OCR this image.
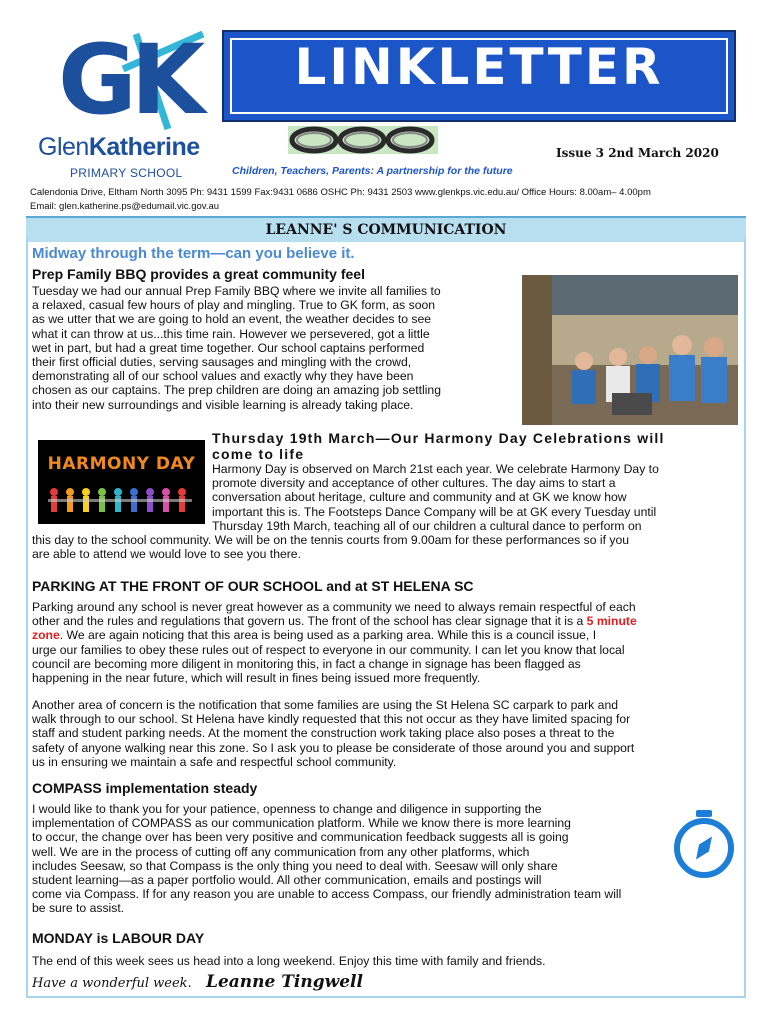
GK
GlenKatherine
PRIMARY SCHOOL
LINKLETTER
Issue 3 2nd March 2020
Children, Teachers, Parents: A partnership for the future
Calendonia Drive, Eltham North 3095 Ph: 9431 1599 Fax:9431 0686 OSHC Ph: 9431 2503 www.glenkps.vic.edu.au/ Office Hours: 8.00am– 4.00pm
Email: glen.katherine.ps@edumail.vic.gov.au
LEANNE' S COMMUNICATION
Midway through the term—can you believe it.
Prep Family BBQ provides a great community feel
Tuesday we had our annual Prep Family BBQ where we invite all families to
a relaxed, casual few hours of play and mingling. True to GK form, as soon
as we utter that we are going to hold an event, the weather decides to see
what it can throw at us...this time rain. However we persevered, got a little
wet in part, but had a great time together. Our school captains performed
their first official duties, serving sausages and mingling with the crowd,
demonstrating all of our school values and exactly why they have been
chosen as our captains. The prep children are doing an amazing job settling
into their new surroundings and visible learning is already taking place.
HARMONY DAY
Thursday 19th March—Our Harmony Day Celebrations will
come to life
Harmony Day is observed on March 21st each year. We celebrate Harmony Day to
promote diversity and acceptance of other cultures. The day aims to start a
conversation about heritage, culture and community and at GK we know how
important this is. The Footsteps Dance Company will be at GK every Tuesday until
Thursday 19th March, teaching all of our children a cultural dance to perform on
this day to the school community. We will be on the tennis courts from 9.00am for these performances so if you
are able to attend we would love to see you there.
PARKING AT THE FRONT OF OUR SCHOOL and at ST HELENA SC
Parking around any school is never great however as a community we need to always remain respectful of each
other and the rules and regulations that govern us. The front of the school has clear signage that it is a 5 minute
zone. We are again noticing that this area is being used as a parking area. While this is a council issue, I
urge our families to obey these rules out of respect to everyone in our community. I can let you know that local
council are becoming more diligent in monitoring this, in fact a change in signage has been flagged as
happening in the near future, which will result in fines being issued more frequently.
Another area of concern is the notification that some families are using the St Helena SC carpark to park and
walk through to our school. St Helena have kindly requested that this not occur as they have limited spacing for
staff and student parking needs. At the moment the construction work taking place also poses a threat to the
safety of anyone walking near this zone. So I ask you to please be considerate of those around you and support
us in ensuring we maintain a safe and respectful school community.
COMPASS implementation steady
I would like to thank you for your patience, openness to change and diligence in supporting the
implementation of COMPASS as our communication platform. While we know there is more learning
to occur, the change over has been very positive and communication feedback suggests all is going
well. We are in the process of cutting off any communication from any other platforms, which
includes Seesaw, so that Compass is the only thing you need to deal with. Seesaw will only share
student learning—as a paper portfolio would. All other communication, emails and postings will
come via Compass. If for any reason you are unable to access Compass, our friendly administration team will
be sure to assist.
MONDAY is LABOUR DAY
The end of this week sees us head into a long weekend. Enjoy this time with family and friends.
Have a wonderful week. Leanne Tingwell
